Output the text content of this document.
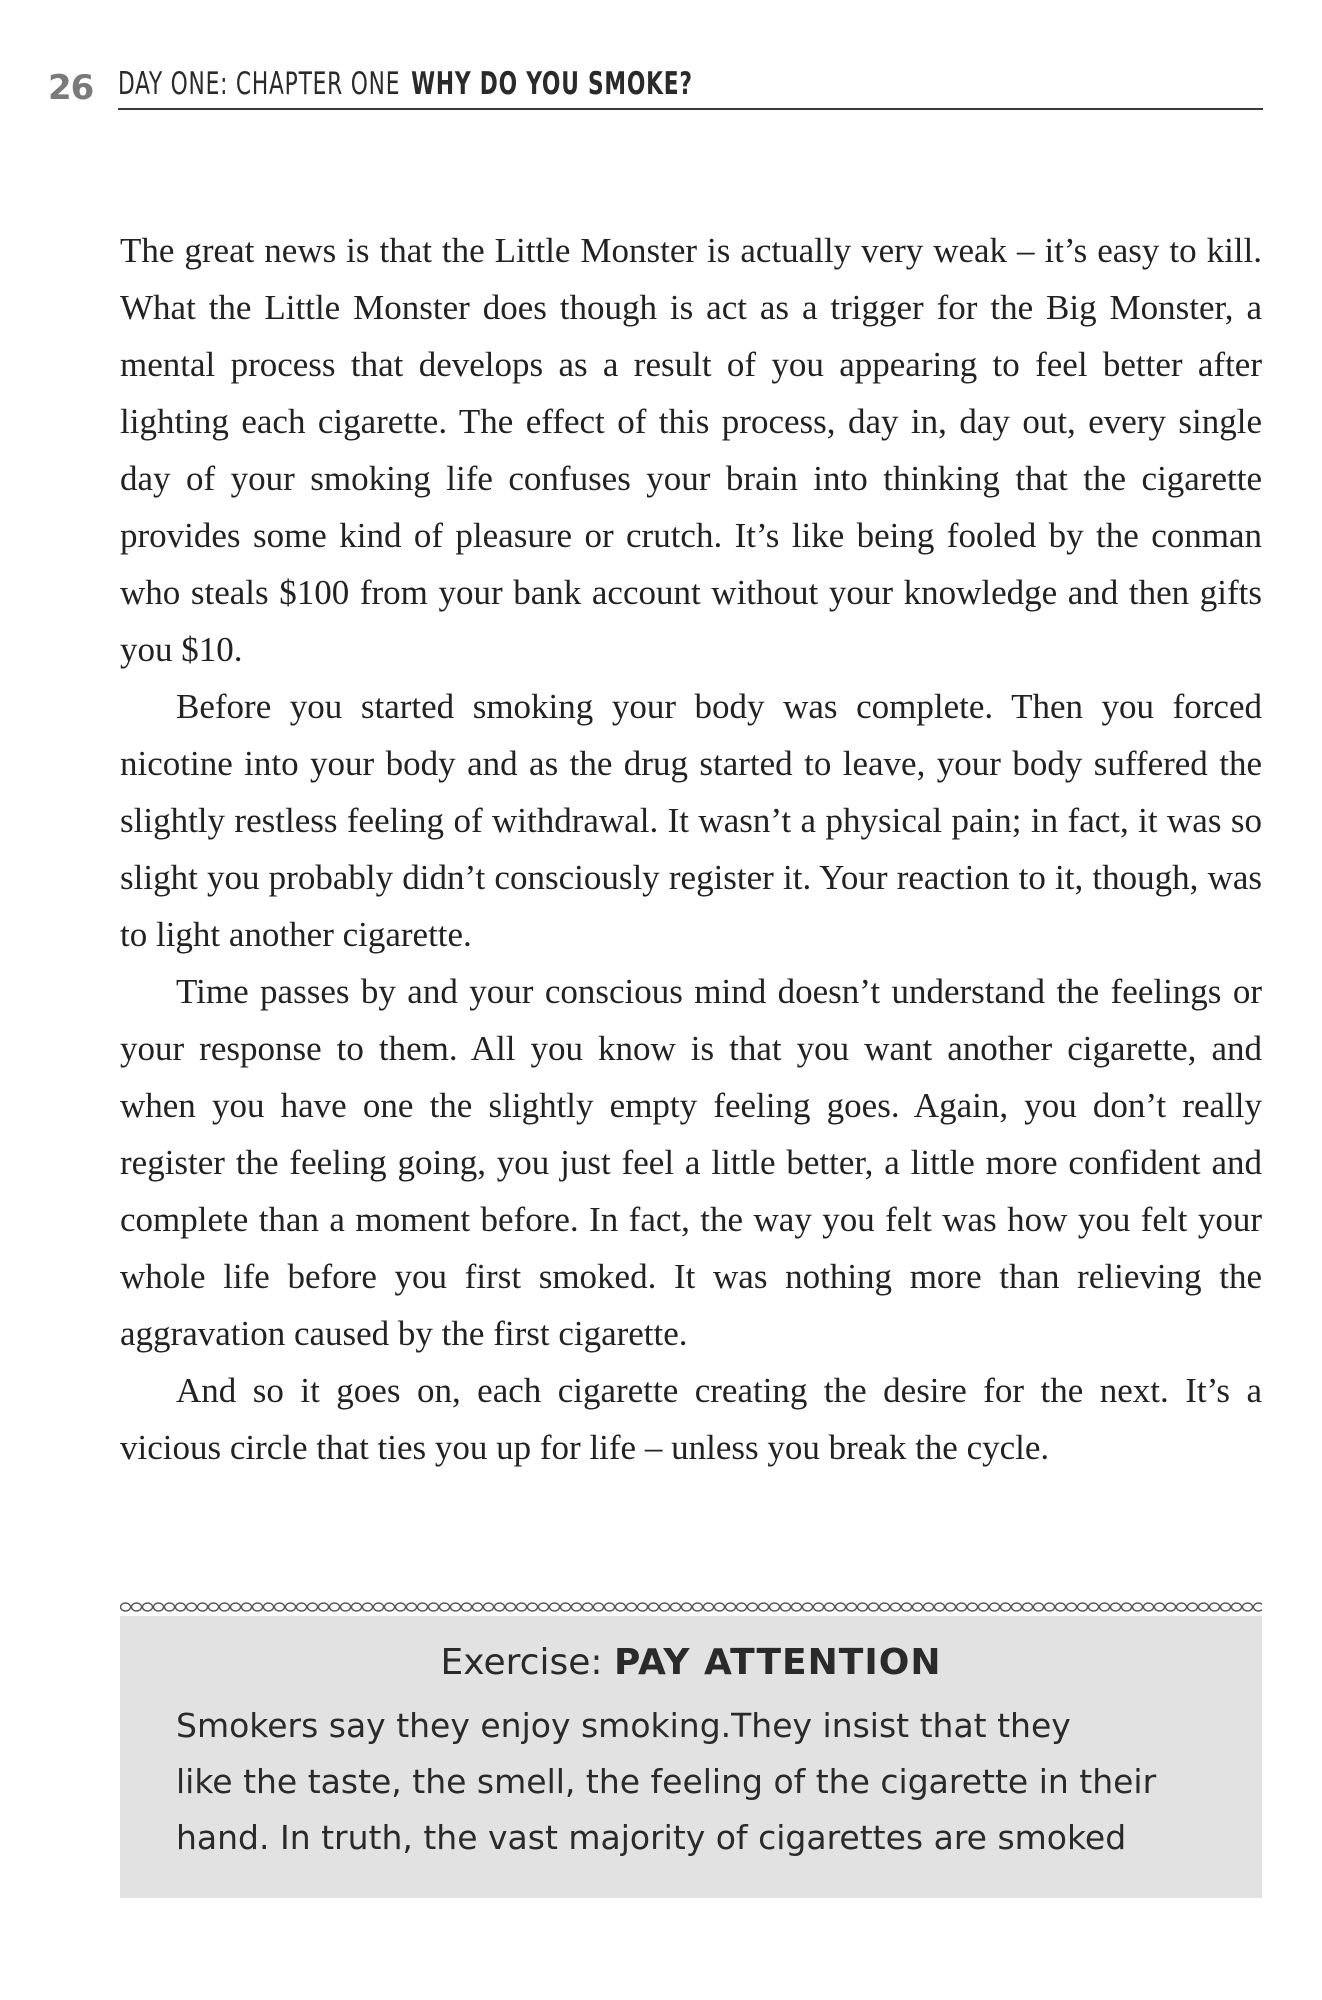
26 DAY ONE: CHAPTER ONE WHY DO YOU SMOKE?

The great news is that the Little Monster is actually very weak – it’s easy to kill. What the Little Monster does though is act as a trigger for the Big Monster, a mental process that develops as a result of you appearing to feel better after lighting each cigarette. The effect of this process, day in, day out, every single day of your smoking life confuses your brain into thinking that the cigarette provides some kind of pleasure or crutch. It’s like being fooled by the conman who steals $100 from your bank account without your knowledge and then gifts you $10.

Before you started smoking your body was complete. Then you forced nicotine into your body and as the drug started to leave, your body suffered the slightly restless feeling of withdrawal. It wasn’t a physical pain; in fact, it was so slight you probably didn’t consciously register it. Your reaction to it, though, was to light another cigarette.

Time passes by and your conscious mind doesn’t understand the feelings or your response to them. All you know is that you want another cigarette, and when you have one the slightly empty feeling goes. Again, you don’t really register the feeling going, you just feel a little better, a little more confident and complete than a moment before. In fact, the way you felt was how you felt your whole life before you first smoked. It was nothing more than relieving the aggravation caused by the first cigarette.

And so it goes on, each cigarette creating the desire for the next. It’s a vicious circle that ties you up for life – unless you break the cycle.

Exercise: PAY ATTENTION
Smokers say they enjoy smoking.They insist that they
like the taste, the smell, the feeling of the cigarette in their
hand. In truth, the vast majority of cigarettes are smoked
